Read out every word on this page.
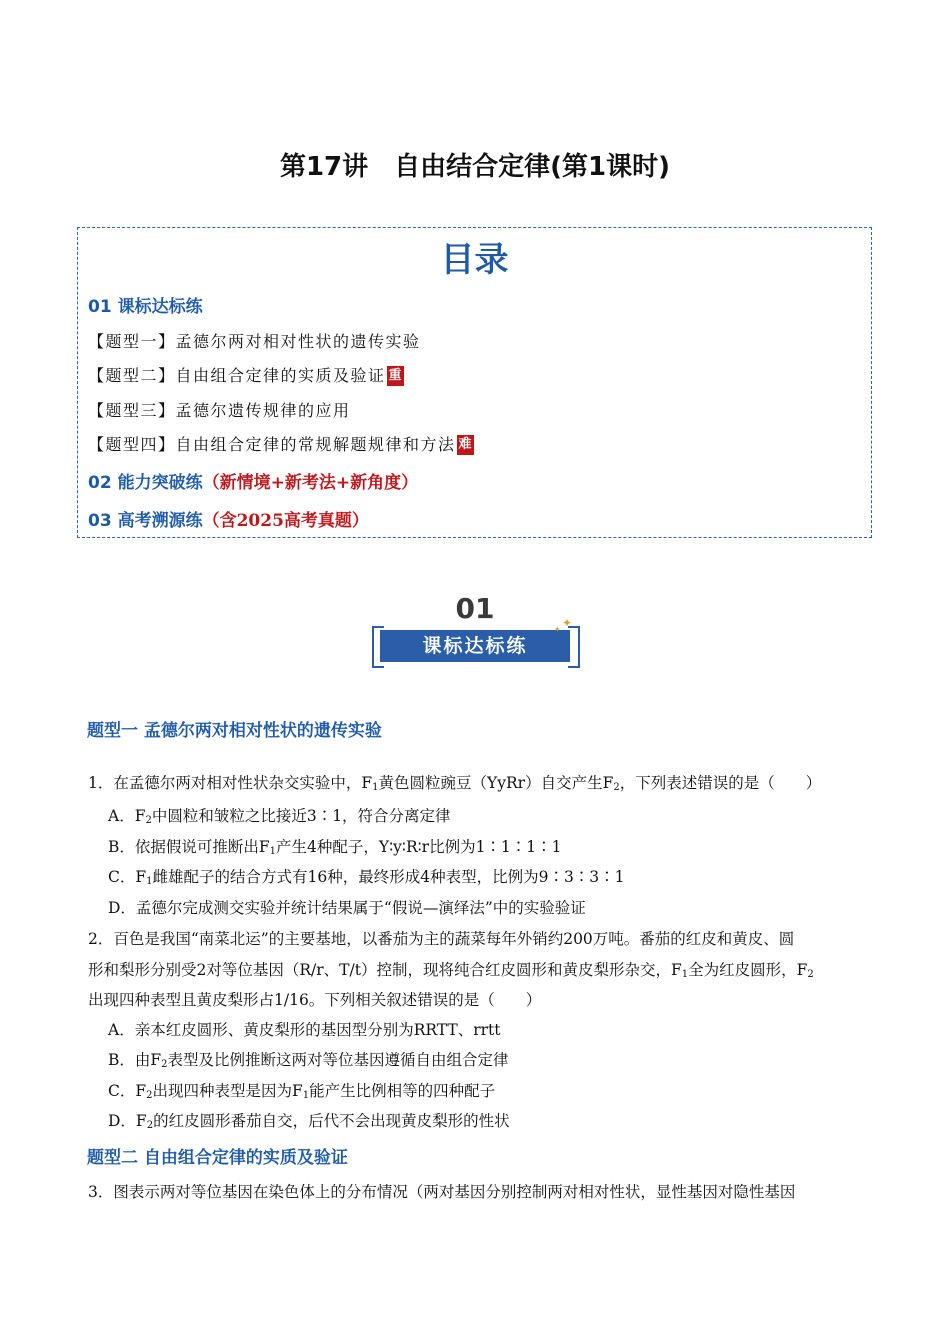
第17讲　自由结合定律(第1课时)
目录
01 课标达标练
【题型一】孟德尔两对相对性状的遗传实验
【题型二】自由组合定律的实质及验证 重
【题型三】孟德尔遗传规律的应用
【题型四】自由组合定律的常规解题规律和方法 难
02 能力突破练（新情境+新考法+新角度）
03 高考溯源练（含2025高考真题）
01
课标达标练
✦
✦
题型一 孟德尔两对相对性状的遗传实验
1．在孟德尔两对相对性状杂交实验中，$F_1$黄色圆粒豌豆（YyRr）自交产生$F_2$，下列表述错误的是（　　）
A．$F_2$中圆粒和皱粒之比接近3∶1，符合分离定律
B．依据假说可推断出$F_1$产生4种配子，Y∶y∶R∶r比例为1∶1∶1∶1
C．$F_1$雌雄配子的结合方式有16种，最终形成4种表型，比例为9∶3∶3∶1
D．孟德尔完成测交实验并统计结果属于“假说—演绎法”中的实验验证
2．百色是我国“南菜北运”的主要基地，以番茄为主的蔬菜每年外销约200万吨。番茄的红皮和黄皮、圆
形和梨形分别受2对等位基因（R/r、T/t）控制，现将纯合红皮圆形和黄皮梨形杂交，$F_1$全为红皮圆形，$F_2$
出现四种表型且黄皮梨形占1/16。下列相关叙述错误的是（　　）
A．亲本红皮圆形、黄皮梨形的基因型分别为RRTT、rrtt
B．由$F_2$表型及比例推断这两对等位基因遵循自由组合定律
C．$F_2$出现四种表型是因为$F_1$能产生比例相等的四种配子
D．$F_2$的红皮圆形番茄自交，后代不会出现黄皮梨形的性状
题型二 自由组合定律的实质及验证
3．图表示两对等位基因在染色体上的分布情况（两对基因分别控制两对相对性状，显性基因对隐性基因
